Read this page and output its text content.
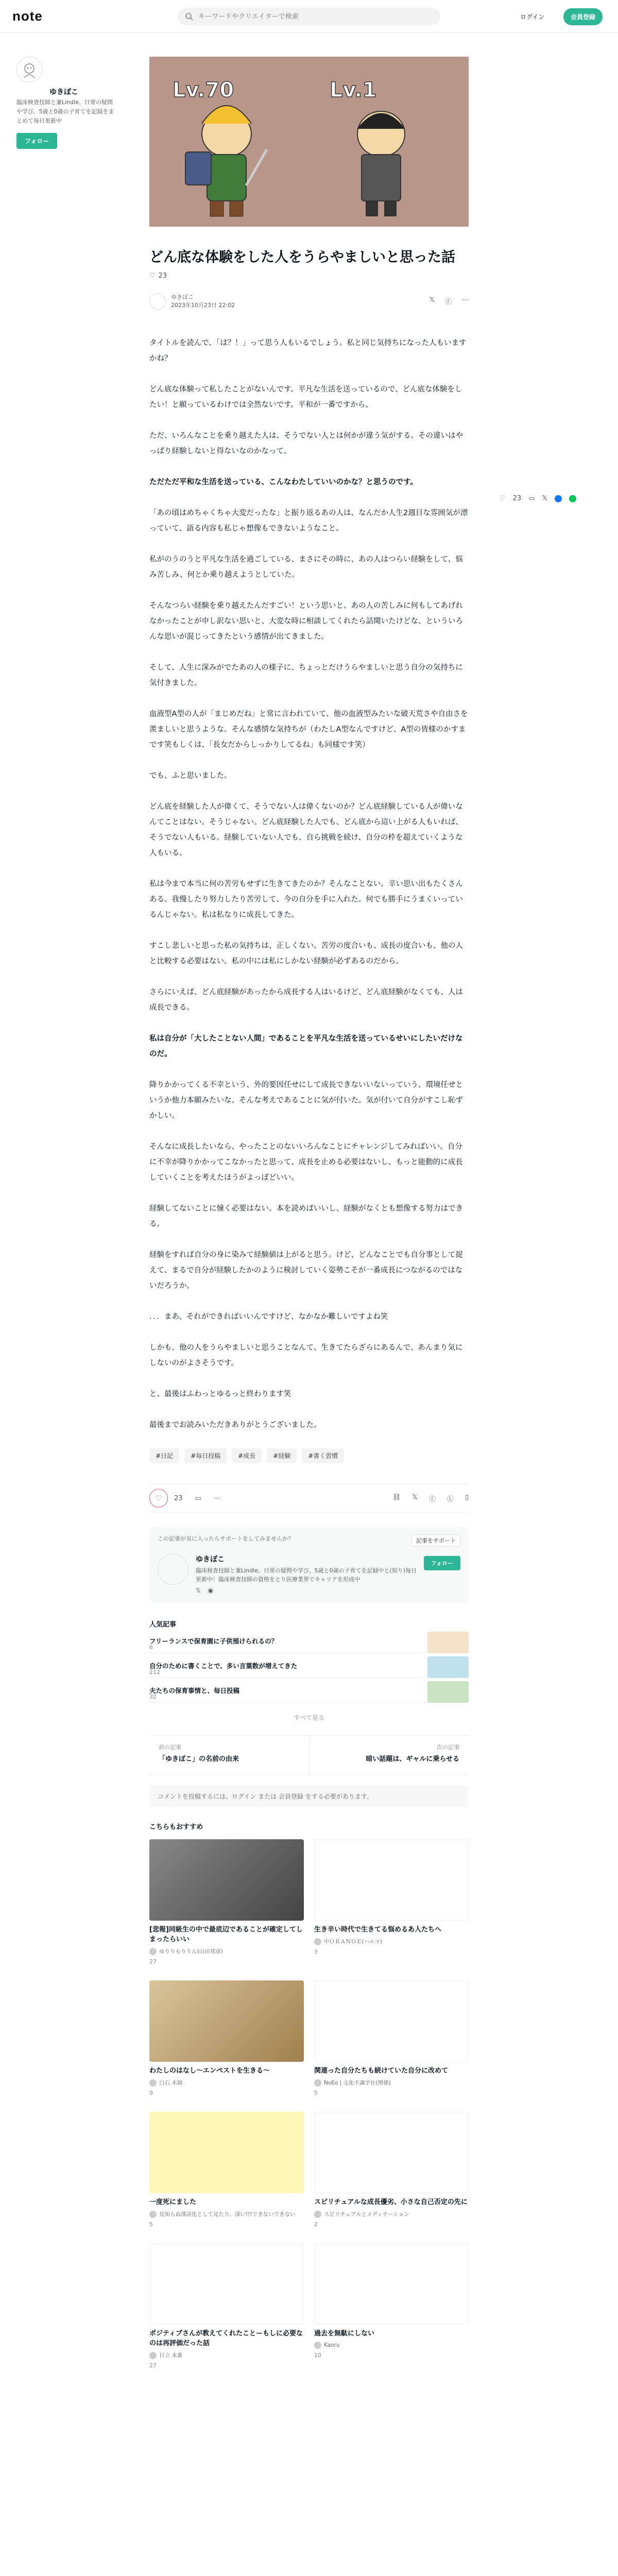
note
キーワードやクリエイターで検索	ログイン	会員登録
ゆきぽこ
臨床検査技師と兼Lindle。日常の疑問や学び、5歳と0歳の子育てを記録をまとめて毎日更新中
フォロー
♡ 23 ▭ 𝕏
Lv.70	Lv.1
どん底な体験をした人をうらやましいと思った話
♡ 23
ゆきぽこ
2023年10月23日 22:02
𝕏 ⓕ ⋯

タイトルを読んで、「は？！」って思う人もいるでしょう。私と同じ気持ちになった人もいますかね？

どん底な体験って私したことがないんです。平凡な生活を送っているので、どん底な体験をしたい！と願っているわけでは全然ないです。平和が一番ですから。

ただ、いろんなことを乗り越えた人は、そうでない人とは何かが違う気がする。その違いはやっぱり経験しないと得ないなのかなって。

ただただ平和な生活を送っている、こんなわたしていいのかな？と思うのです。

「あの頃はめちゃくちゃ大変だったな」と振り返るあの人は、なんだか人生2週目な雰囲気が漂っていて、語る内容も私じゃ想像もできないようなこと。

私がのうのうと平凡な生活を過ごしている、まさにその時に、あの人はつらい経験をして、悩み苦しみ、何とか乗り越えようとしていた。

そんなつらい経験を乗り越えたんだすごい！という思いと、あの人の苦しみに何もしてあげれなかったことが申し訳ない思いと、大変な時に相談してくれたら話聞いたけどな、といういろんな思いが混じってきたという感情が出てきました。

そして、人生に深みがでたあの人の様子に、ちょっとだけうらやましいと思う自分の気持ちに気付きました。

血液型A型の人が「まじめだね」と常に言われていて、他の血液型みたいな破天荒さや自由さを羨ましいと思うような。そんな感情な気持ちが（わたしA型なんですけど、A型の皆様のかすまです笑もしくは、「長女だからしっかりしてるね」も同様です笑）

でも、ふと思いました。

どん底を経験した人が偉くて、そうでない人は偉くないのか？どん底経験している人が偉いなんてことはない。そうじゃない。どん底経験した人でも、どん底から這い上がる人もいれば、そうでない人もいる。経験していない人でも、自ら挑戦を続け、自分の枠を超えていくような人もいる。

私は今まで本当に何の苦労もせずに生きてきたのか？そんなことない。辛い思い出もたくさんある。我慢したり努力したり苦労して、今の自分を手に入れた。何でも勝手にうまくいっているんじゃない。私は私なりに成長してきた。

すこし悲しいと思った私の気持ちは、正しくない。苦労の度合いも、成長の度合いも、他の人と比較する必要はない。私の中には私にしかない経験が必ずあるのだから。

さらにいえば、どん底経験があったから成長する人はいるけど、どん底経験がなくても、人は成長できる。

私は自分が「大したことない人間」であることを平凡な生活を送っているせいにしたいだけなのだ。

降りかかってくる不幸という、外的要因任せにして成長できないいないっていう、環境任せというか他力本願みたいな、そんな考えであることに気が付いた。気が付いて自分がすこし恥ずかしい。

そんなに成長したいなら、やったことのないいろんなことにチャレンジしてみればいい。自分に不幸が降りかかってこなかったと思って、成長を止める必要はないし、もっと能動的に成長していくことを考えたほうがよっぽどいい。

経験してないことに憧く必要はない。本を読めばいいし、経験がなくとも想像する努力はできる。

経験をすれば自分の身に染みて経験値は上がると思う。けど、どんなことでも自分事として捉えて、まるで自分が経験したかのように検討していく姿勢こそが一番成長につながるのではないだろうか。

．．．まあ、それができればいいんですけど、なかなか難しいですよね笑

しかも、他の人をうらやましいと思うことなんて、生きてたらざらにあるんで、あんまり気にしないのがよさそうです。

と、最後はふわっとゆるっと終わります笑

最後までお読みいただきありがとうございました。

#日記	#毎日投稿	#成長	#経験	#書く習慣
♡ 23 ▭ ⋯	⛓ 𝕏 ⓕ Ⓛ ▯
この記事が気に入ったらサポートをしてみませんか？	記事をサポート
ゆきぽこ
臨床検査技師と兼Lindle。日常の疑問や学び、5歳と0歳の子育てを記録中と(知り)毎日更新中！臨床検査技師の資格をとり医療業界でキャリアを形成中
𝕏 ◉
フォロー
人気記事
フリーランスで保育園に子供預けられるの？
6
自分のために書くことで、多い言葉数が増えてきた
212
夫たちの保育事情と、毎日投稿
32
すべて見る
前の記事
「ゆきぽこ」の名前の由来
次の記事
暗い話題は、ギャルに乗らせる
コメントを投稿するには、ログイン または 会員登録 をする必要があります。
こちらもおすすめ
[悲報]同級生の中で最底辺であることが確定してしまったらいい
ゆりりらりりん(山田邦彦)
27
生き辛い時代で生きてる悩めるあ人たちへ
中ＯＲＡＮＧＥ(ハルマ)
3
わたしのはなし〜エンペストを生きる〜
白石 木綿
9
関連った自分たちも続けていた自分に改めて
NoEo | 文化不識字社(関係)
5
一度死にました
見知らぬ漢詩化として見たり、深い!!!できないできない
5
スピリチュアルな成長優劣、小さな自己否定の先に
スピリチュアルとメディテーション
2
ポジティブさんが教えてくれたことーもしに必要なのは再評価だった話
目立 本番
27
過去を無駄にしない
Kaoru
10
